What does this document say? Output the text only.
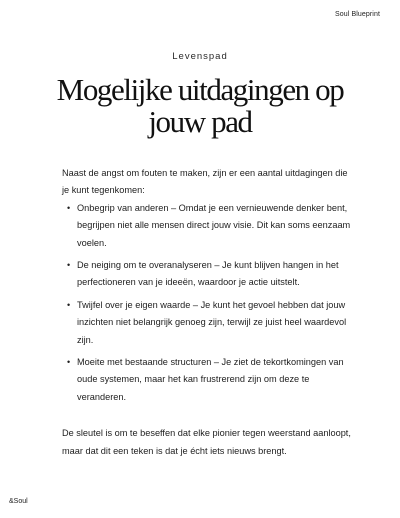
Soul Blueprint

Levenspad

Mogelijke uitdagingen op jouw pad

Naast de angst om fouten te maken, zijn er een aantal uitdagingen die je kunt tegenkomen:

• Onbegrip van anderen – Omdat je een vernieuwende denker bent, begrijpen niet alle mensen direct jouw visie. Dit kan soms eenzaam voelen.
• De neiging om te overanalyseren – Je kunt blijven hangen in het perfectioneren van je ideeën, waardoor je actie uitstelt.
• Twijfel over je eigen waarde – Je kunt het gevoel hebben dat jouw inzichten niet belangrijk genoeg zijn, terwijl ze juist heel waardevol zijn.
• Moeite met bestaande structuren – Je ziet de tekortkomingen van oude systemen, maar het kan frustrerend zijn om deze te veranderen.

De sleutel is om te beseffen dat elke pionier tegen weerstand aanloopt, maar dat dit een teken is dat je écht iets nieuws brengt.

&Soul
